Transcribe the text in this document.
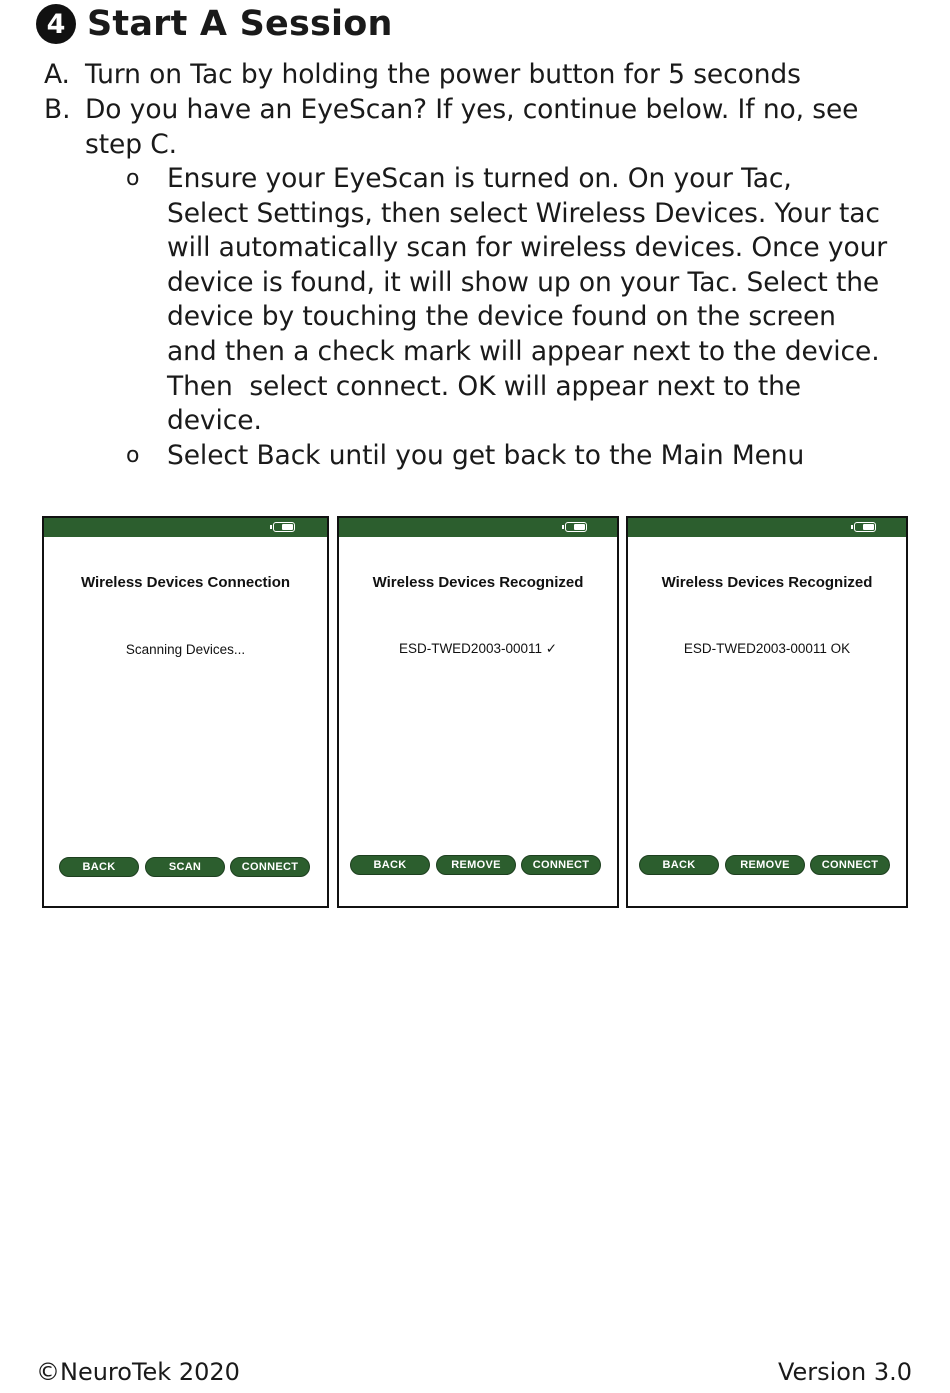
4 Start A Session
A. Turn on Tac by holding the power button for 5 seconds

B. Do you have an EyeScan? If yes, continue below. If no, see

step C.

o Ensure your EyeScan is turned on. On your Tac,

Select Settings, then select Wireless Devices. Your tac

will automatically scan for wireless devices. Once your

device is found, it will show up on your Tac. Select the

device by touching the device found on the screen

and then a check mark will appear next to the device.

Then  select connect. OK will appear next to the

device.

o Select Back until you get back to the Main Menu

Wireless Devices Connection
Scanning Devices...
BACK	SCAN	CONNECT
Wireless Devices Recognized
ESD-TWED2003-00011 ✓
BACK	REMOVE	CONNECT
Wireless Devices Recognized
ESD-TWED2003-00011 OK
BACK	REMOVE	CONNECT
©NeuroTek 2020	Version 3.0
